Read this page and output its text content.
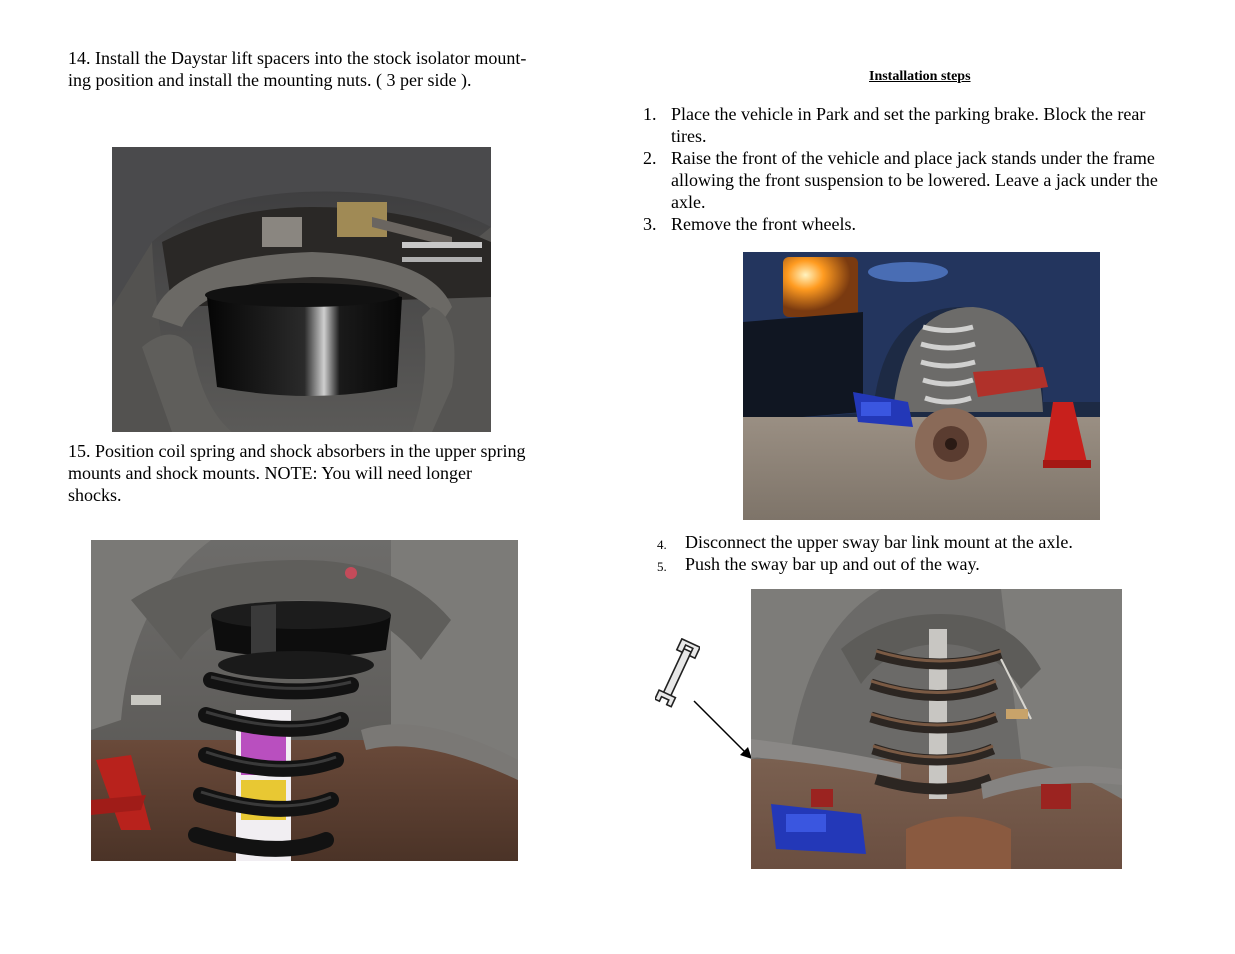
14. Install the Daystar lift spacers into the stock isolator mount-
ing position and install the mounting nuts. ( 3 per side ).
15. Position coil spring and shock absorbers in the upper spring
mounts and shock mounts. NOTE: You will need longer
shocks.
Installation steps
1. Place the vehicle in Park and set the parking brake. Block the rear
tires.
2. Raise the front of the vehicle and place jack stands under the frame
allowing the front suspension to be lowered. Leave a jack under the
axle.
3. Remove the front wheels.
4. Disconnect the upper sway bar link mount at the axle.
5. Push the sway bar up and out of the way.
